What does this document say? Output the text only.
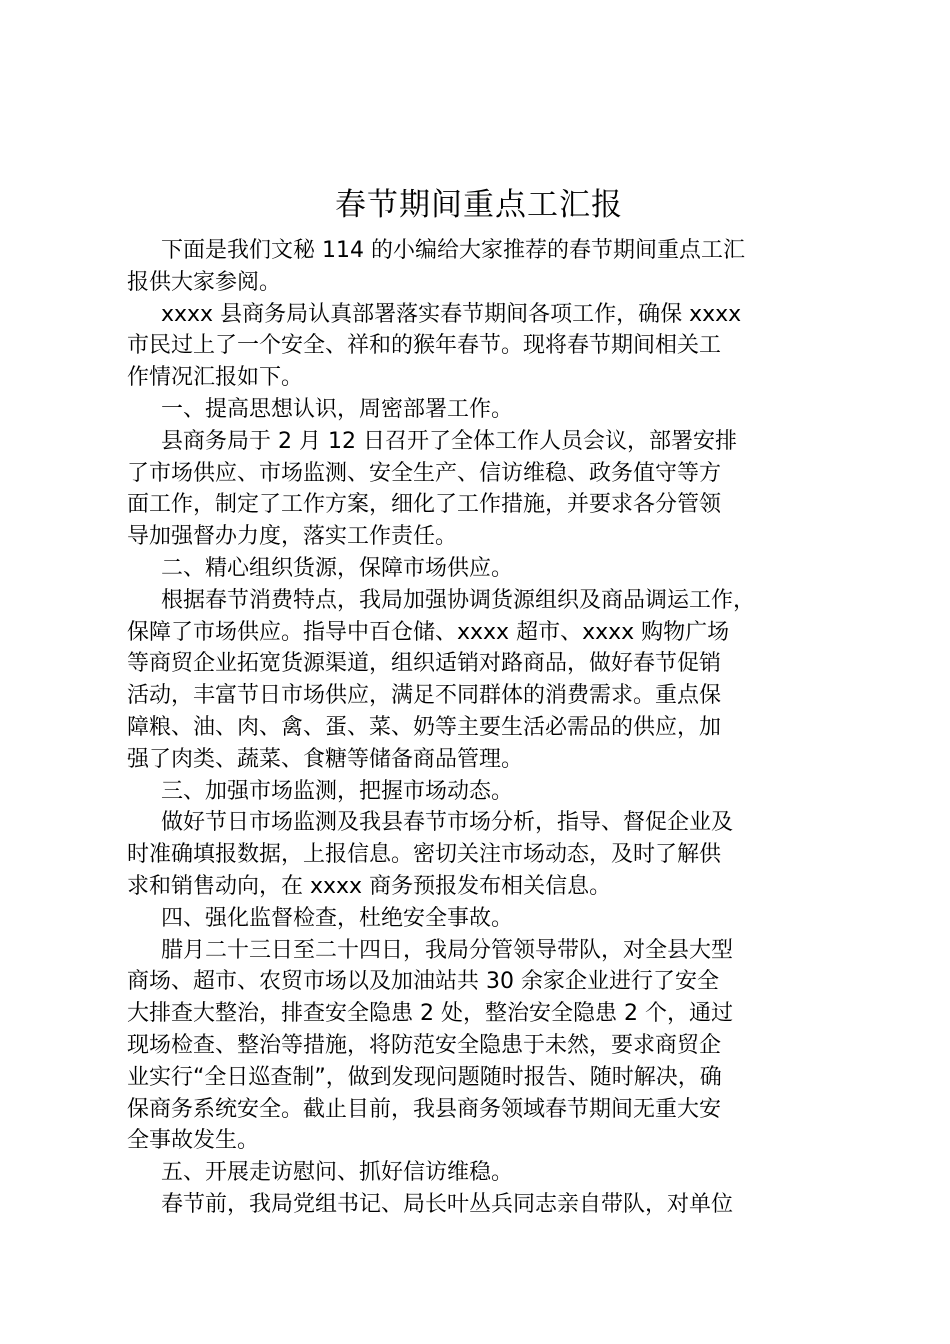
春节期间重点工汇报
下面是我们文秘 114 的小编给大家推荐的春节期间重点工汇
报供大家参阅。
xxxx 县商务局认真部署落实春节期间各项工作，确保 xxxx
市民过上了一个安全、祥和的猴年春节。现将春节期间相关工
作情况汇报如下。
一、提高思想认识，周密部署工作。
县商务局于 2 月 12 日召开了全体工作人员会议，部署安排
了市场供应、市场监测、安全生产、信访维稳、政务值守等方
面工作，制定了工作方案，细化了工作措施，并要求各分管领
导加强督办力度，落实工作责任。
二、精心组织货源，保障市场供应。
根据春节消费特点，我局加强协调货源组织及商品调运工作，
保障了市场供应。指导中百仓储、xxxx 超市、xxxx 购物广场
等商贸企业拓宽货源渠道，组织适销对路商品，做好春节促销
活动，丰富节日市场供应，满足不同群体的消费需求。重点保
障粮、油、肉、禽、蛋、菜、奶等主要生活必需品的供应，加
强了肉类、蔬菜、食糖等储备商品管理。
三、加强市场监测，把握市场动态。
做好节日市场监测及我县春节市场分析，指导、督促企业及
时准确填报数据，上报信息。密切关注市场动态，及时了解供
求和销售动向，在 xxxx 商务预报发布相关信息。
四、强化监督检查，杜绝安全事故。
腊月二十三日至二十四日，我局分管领导带队，对全县大型
商场、超市、农贸市场以及加油站共 30 余家企业进行了安全
大排查大整治，排查安全隐患 2 处，整治安全隐患 2 个，通过
现场检查、整治等措施，将防范安全隐患于未然，要求商贸企
业实行“全日巡查制”，做到发现问题随时报告、随时解决，确
保商务系统安全。截止目前，我县商务领域春节期间无重大安
全事故发生。
五、开展走访慰问、抓好信访维稳。
春节前，我局党组书记、局长叶丛兵同志亲自带队，对单位
